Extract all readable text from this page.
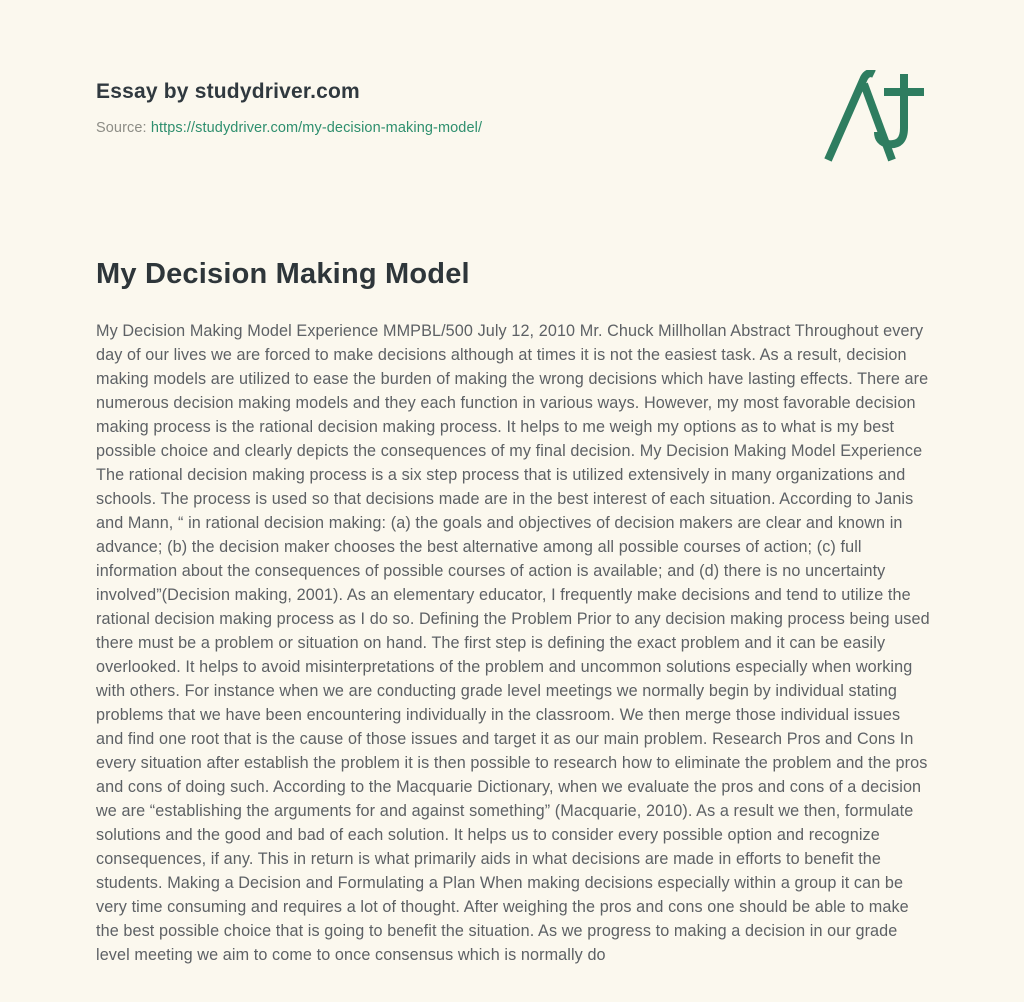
Essay by studydriver.com
Source: https://studydriver.com/my-decision-making-model/
My Decision Making Model

My Decision Making Model Experience MMPBL/500 July 12, 2010 Mr. Chuck Millhollan Abstract Throughout every day of our lives we are forced to make decisions although at times it is not the easiest task. As a result, decision making models are utilized to ease the burden of making the wrong decisions which have lasting effects. There are numerous decision making models and they each function in various ways. However, my most favorable decision making process is the rational decision making process. It helps to me weigh my options as to what is my best possible choice and clearly depicts the consequences of my final decision. My Decision Making Model Experience The rational decision making process is a six step process that is utilized extensively in many organizations and schools. The process is used so that decisions made are in the best interest of each situation. According to Janis and Mann, “ in rational decision making: (a) the goals and objectives of decision makers are clear and known in advance; (b) the decision maker chooses the best alternative among all possible courses of action; (c) full information about the consequences of possible courses of action is available; and (d) there is no uncertainty involved”(Decision making, 2001). As an elementary educator, I frequently make decisions and tend to utilize the rational decision making process as I do so. Defining the Problem Prior to any decision making process being used there must be a problem or situation on hand. The first step is defining the exact problem and it can be easily overlooked. It helps to avoid misinterpretations of the problem and uncommon solutions especially when working with others. For instance when we are conducting grade level meetings we normally begin by individual stating problems that we have been encountering individually in the classroom. We then merge those individual issues and find one root that is the cause of those issues and target it as our main problem. Research Pros and Cons In every situation after establish the problem it is then possible to research how to eliminate the problem and the pros and cons of doing such. According to the Macquarie Dictionary, when we evaluate the pros and cons of a decision we are “establishing the arguments for and against something” (Macquarie, 2010). As a result we then, formulate solutions and the good and bad of each solution. It helps us to consider every possible option and recognize consequences, if any. This in return is what primarily aids in what decisions are made in efforts to benefit the students. Making a Decision and Formulating a Plan When making decisions especially within a group it can be very time consuming and requires a lot of thought. After weighing the pros and cons one should be able to make the best possible choice that is going to benefit the situation. As we progress to making a decision in our grade level meeting we aim to come to once consensus which is normally do
